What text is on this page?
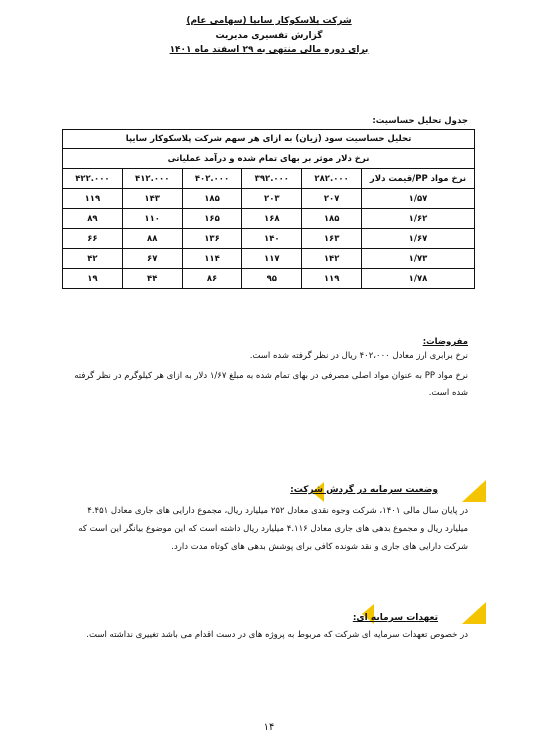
شرکت پلاسکوکار سایپا (سهامی عام)
گزارش تفسیری مدیریت
برای دوره مالی منتهی به ۲۹ اسفند ماه ۱۴۰۱
جدول تحلیل حساسیت:
تحلیل حساسیت سود (زیان) به ازای هر سهم شرکت پلاسکوکار سایپا					
نرخ دلار موثر بر بهای تمام شده و درآمد عملیاتی					
نرخ مواد PP/قیمت دلار	۲۸۲.۰۰۰	۳۹۲.۰۰۰	۴۰۲.۰۰۰	۴۱۲.۰۰۰	۴۲۲.۰۰۰
۱/۵۷	۲۰۷	۲۰۳	۱۸۵	۱۴۳	۱۱۹
۱/۶۲	۱۸۵	۱۶۸	۱۶۵	۱۱۰	۸۹
۱/۶۷	۱۶۳	۱۴۰	۱۳۶	۸۸	۶۶
۱/۷۳	۱۴۲	۱۱۷	۱۱۴	۶۷	۴۲
۱/۷۸	۱۱۹	۹۵	۸۶	۴۴	۱۹
مفروضات:
نرخ برابری ارز معادل ۴۰۲،۰۰۰ ریال در نظر گرفته شده است.
نرخ مواد PP به عنوان مواد اصلی مصرفی در بهای تمام شده به مبلغ ۱/۶۷ دلار به ازای هر کیلوگرم در نظر گرفته شده است.
وضعیت سرمایه در گردش شرکت:
در پایان سال مالی ۱۴۰۱، شرکت وجوه نقدی معادل ۲۵۲ میلیارد ریال، مجموع دارایی های جاری معادل ۴.۴۵۱ میلیارد ریال و مجموع بدهی های جاری معادل ۴.۱۱۶ میلیارد ریال داشته است که این موضوع بیانگر این است که شرکت دارایی های جاری و نقد شونده کافی برای پوشش بدهی های کوتاه مدت دارد.
تعهدات سرمایه ای:
در خصوص تعهدات سرمایه ای شرکت که مربوط به پروژه های در دست اقدام می باشد تغییری نداشته است.
۱۴
